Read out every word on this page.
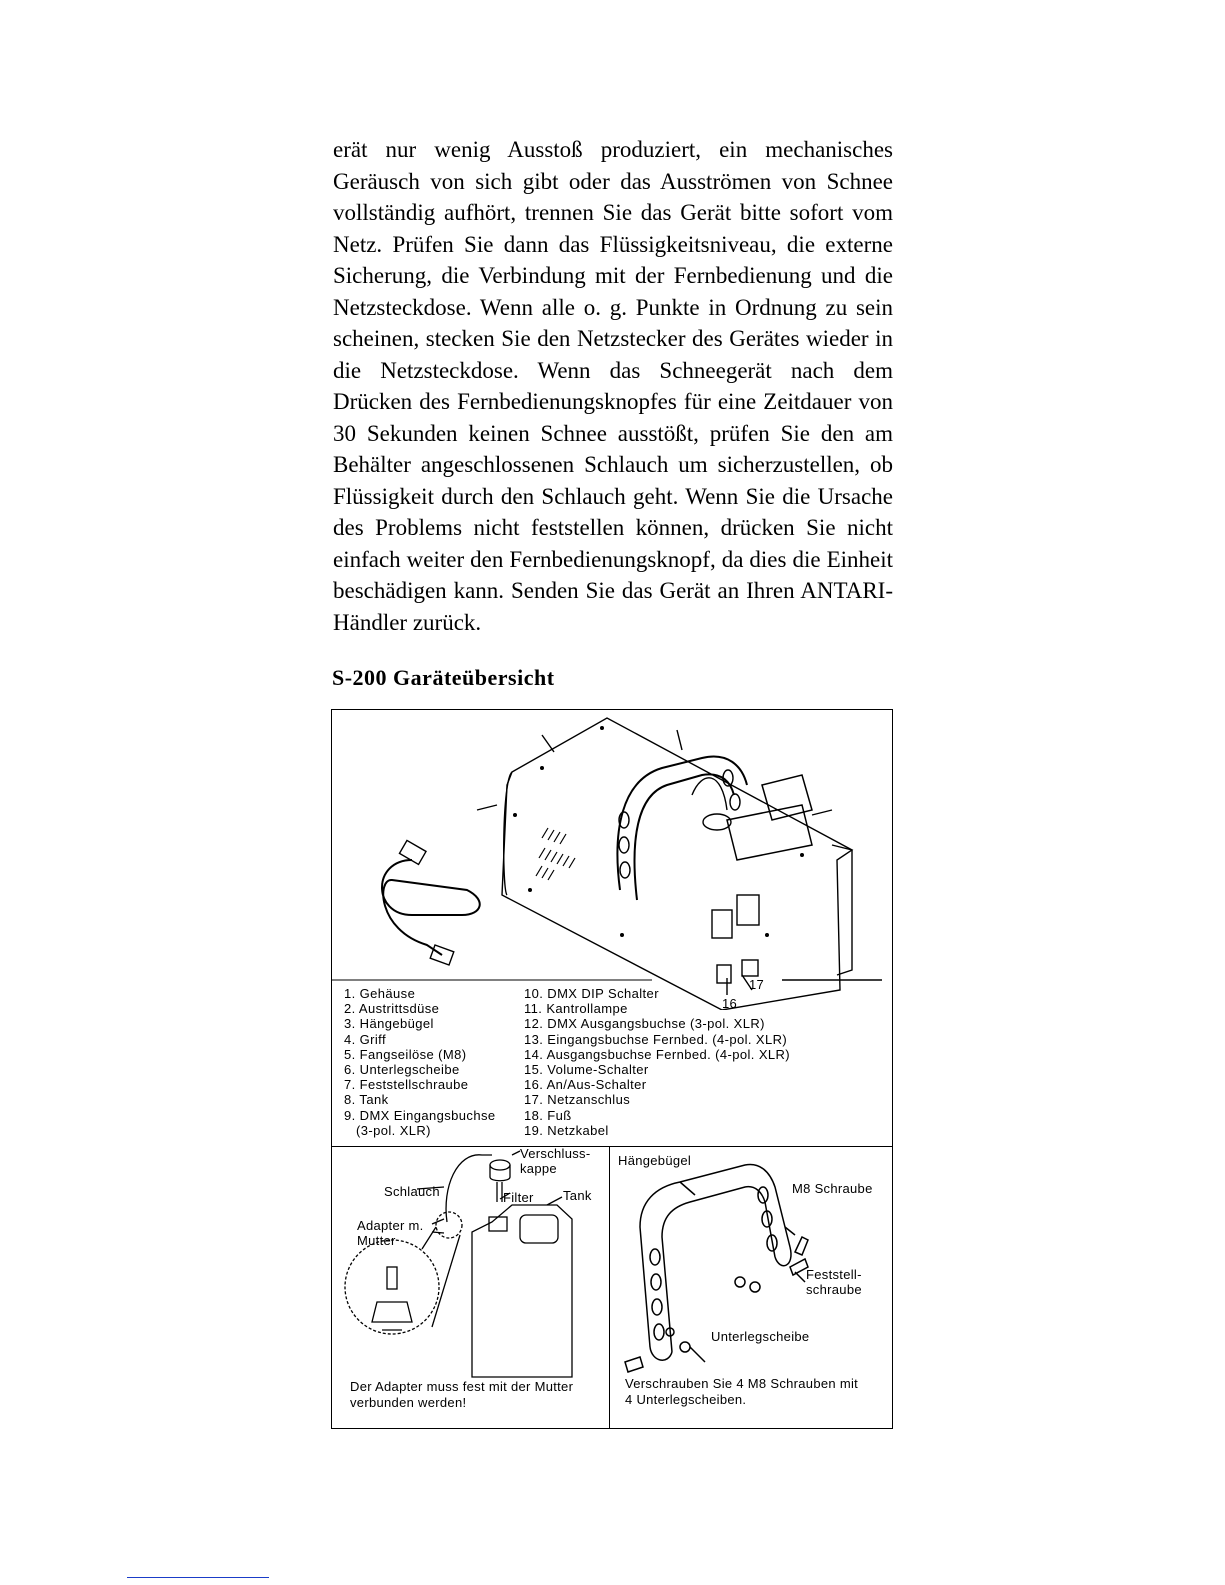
erät nur wenig Ausstoß produziert, ein mechanisches Geräusch von sich gibt oder das Ausströmen von Schnee vollständig aufhört, trennen Sie das Gerät bitte sofort vom Netz. Prüfen Sie dann das Flüssigkeitsniveau, die externe Sicherung, die Verbindung mit der Fernbedienung und die Netzsteckdose. Wenn alle o. g. Punkte in Ordnung zu sein scheinen, stecken Sie den Netzstecker des Gerätes wieder in die Netzsteckdose. Wenn das Schneegerät nach dem Drücken des Fernbedienungsknopfes für eine Zeitdauer von 30 Sekunden keinen Schnee ausstößt, prüfen Sie den am Behälter angeschlossenen Schlauch um sicherzustellen, ob Flüssigkeit durch den Schlauch geht. Wenn Sie die Ursache des Problems nicht feststellen können, drücken Sie nicht einfach weiter den Fernbedienungsknopf, da dies die Einheit beschädigen kann. Senden Sie das Gerät an Ihren ANTARI-Händler zurück.

S-200 Garäteübersicht
16
17
1. Gehäuse
2. Austrittsdüse
3. Hängebügel
4. Griff
5. Fangseilöse (M8)
6. Unterlegscheibe
7. Feststellschraube
8. Tank
9. DMX Eingangsbuchse
(3-pol. XLR)
10. DMX DIP Schalter
11. Kantrollampe
12. DMX Ausgangsbuchse (3-pol. XLR)
13. Eingangsbuchse Fernbed. (4-pol. XLR)
14. Ausgangsbuchse Fernbed. (4-pol. XLR)
15. Volume-Schalter
16. An/Aus-Schalter
17. Netzanschlus
18. Fuß
19. Netzkabel
Verschluss-
kappe
Schlauch	Filter Tank
Adapter m.
Mutter
Der Adapter muss fest mit der Mutter
verbunden werden!
Hängebügel
M8 Schraube
Feststell-
schraube
Unterlegscheibe
Verschrauben Sie 4 M8 Schrauben mit
4 Unterlegscheiben.
